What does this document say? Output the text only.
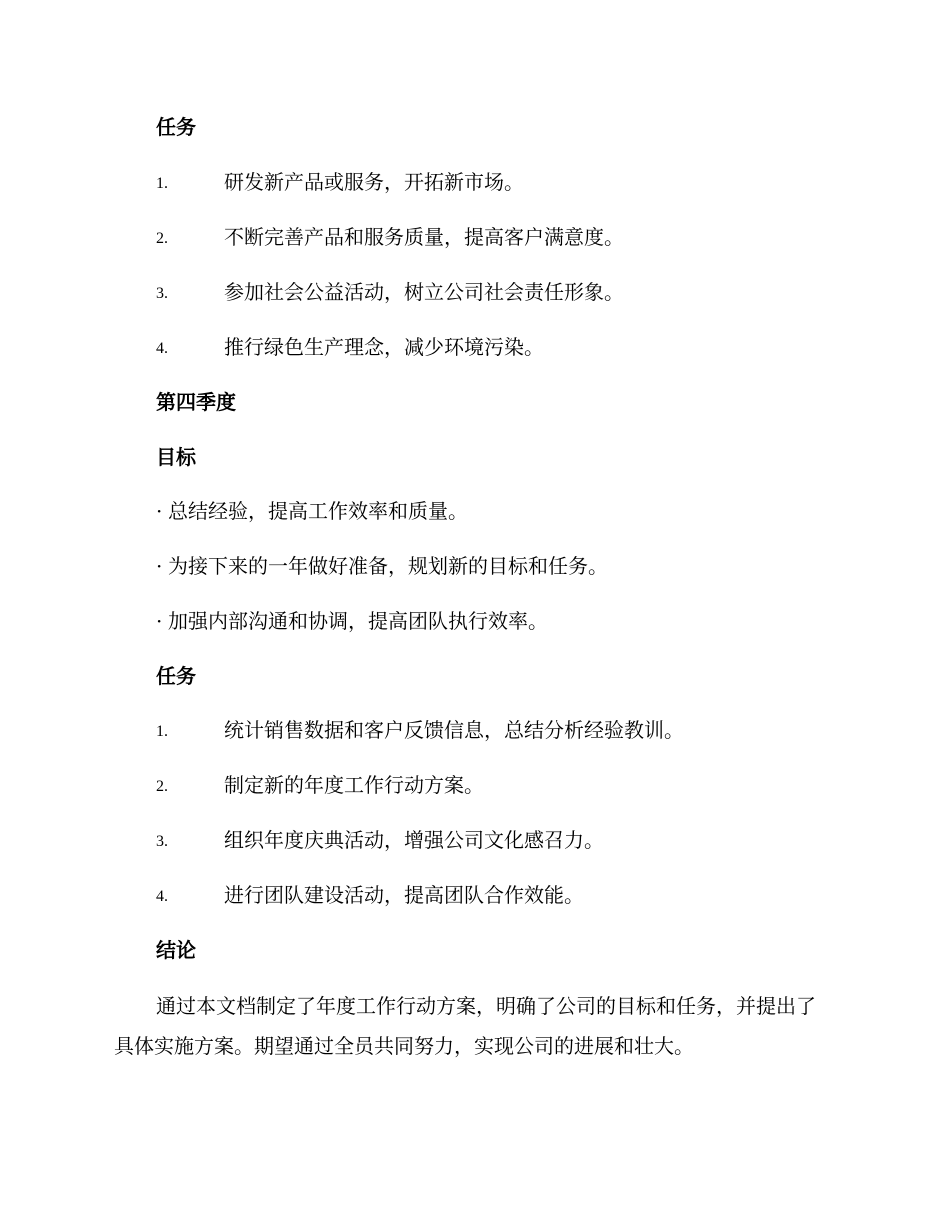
任务
1.	研发新产品或服务，开拓新市场。
2.	不断完善产品和服务质量，提高客户满意度。
3.	参加社会公益活动，树立公司社会责任形象。
4.	推行绿色生产理念，减少环境污染。
第四季度
目标
· 总结经验，提高工作效率和质量。
· 为接下来的一年做好准备，规划新的目标和任务。
· 加强内部沟通和协调，提高团队执行效率。
任务
1.	统计销售数据和客户反馈信息，总结分析经验教训。
2.	制定新的年度工作行动方案。
3.	组织年度庆典活动，增强公司文化感召力。
4.	进行团队建设活动，提高团队合作效能。
结论
通过本文档制定了年度工作行动方案，明确了公司的目标和任务，并提出了具体实施方案。期望通过全员共同努力，实现公司的进展和壮大。
